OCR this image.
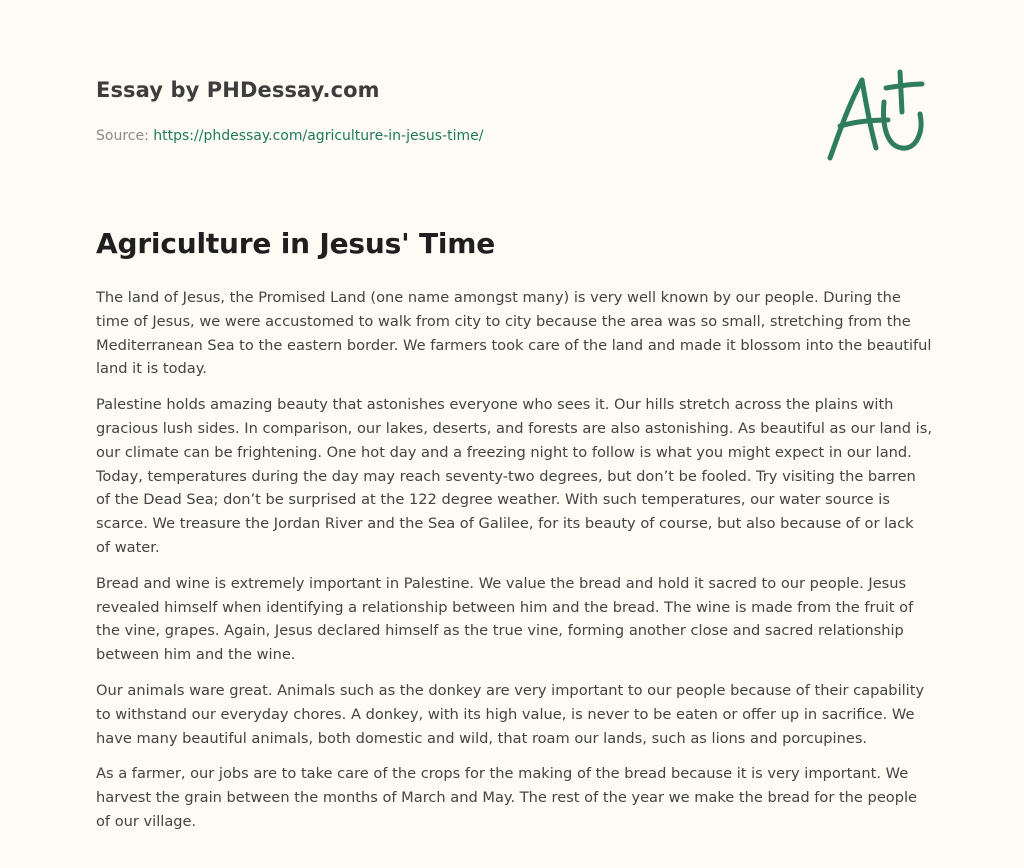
Essay by PHDessay.com
Source: https://phdessay.com/agriculture-in-jesus-time/
Agriculture in Jesus' Time

The land of Jesus, the Promised Land (one name amongst many) is very well known by our people. During the time of Jesus, we were accustomed to walk from city to city because the area was so small, stretching from the Mediterranean Sea to the eastern border. We farmers took care of the land and made it blossom into the beautiful land it is today.

Palestine holds amazing beauty that astonishes everyone who sees it. Our hills stretch across the plains with gracious lush sides. In comparison, our lakes, deserts, and forests are also astonishing. As beautiful as our land is, our climate can be frightening. One hot day and a freezing night to follow is what you might expect in our land. Today, temperatures during the day may reach seventy-two degrees, but don’t be fooled. Try visiting the barren of the Dead Sea; don’t be surprised at the 122 degree weather. With such temperatures, our water source is scarce. We treasure the Jordan River and the Sea of Galilee, for its beauty of course, but also because of or lack of water.

Bread and wine is extremely important in Palestine. We value the bread and hold it sacred to our people. Jesus revealed himself when identifying a relationship between him and the bread. The wine is made from the fruit of the vine, grapes. Again, Jesus declared himself as the true vine, forming another close and sacred relationship between him and the wine.

Our animals ware great. Animals such as the donkey are very important to our people because of their capability to withstand our everyday chores. A donkey, with its high value, is never to be eaten or offer up in sacrifice. We have many beautiful animals, both domestic and wild, that roam our lands, such as lions and porcupines.

As a farmer, our jobs are to take care of the crops for the making of the bread because it is very important. We harvest the grain between the months of March and May. The rest of the year we make the bread for the people of our village.
